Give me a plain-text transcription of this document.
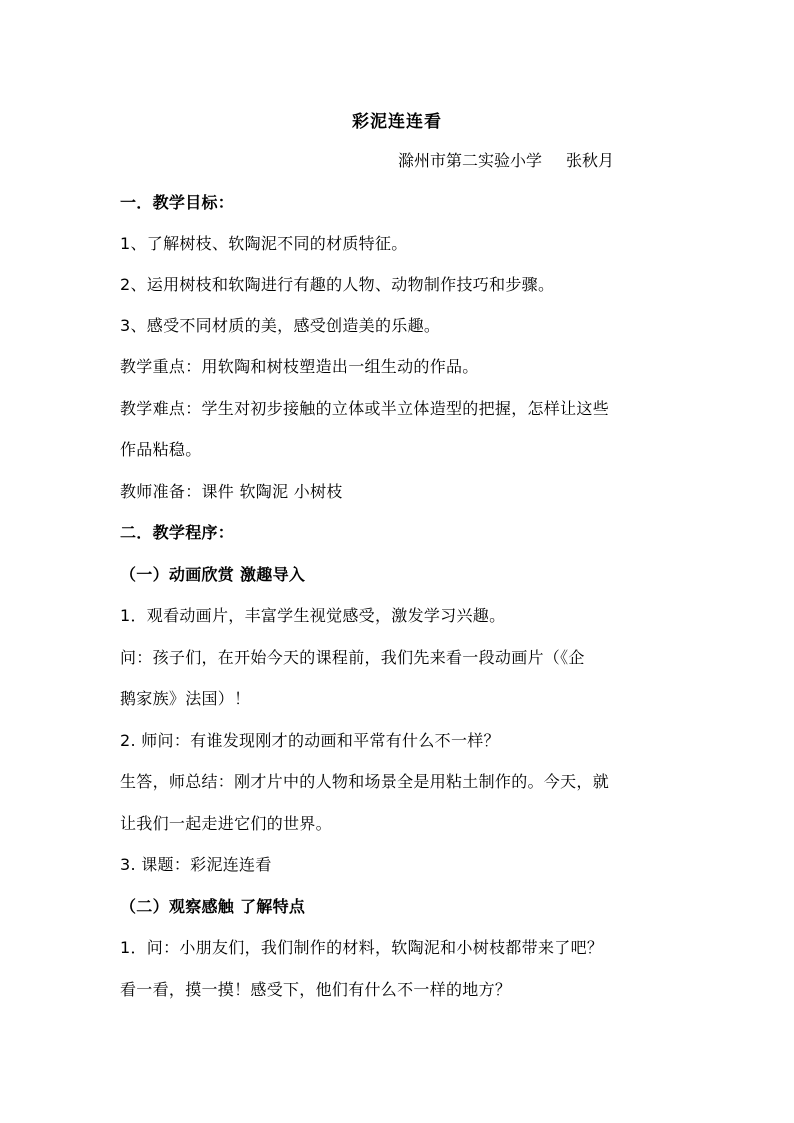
彩泥连连看
滁州市第二实验小学 张秋月
一．教学目标：
1、了解树枝、软陶泥不同的材质特征。
2、运用树枝和软陶进行有趣的人物、动物制作技巧和步骤。
3、感受不同材质的美，感受创造美的乐趣。
教学重点：用软陶和树枝塑造出一组生动的作品。
教学难点：学生对初步接触的立体或半立体造型的把握，怎样让这些
作品粘稳。
教师准备：课件 软陶泥 小树枝
二．教学程序：
（一）动画欣赏 激趣导入
1．观看动画片，丰富学生视觉感受，激发学习兴趣。
问：孩子们，在开始今天的课程前，我们先来看一段动画片（《企
鹅家族》法国）！
2. 师问：有谁发现刚才的动画和平常有什么不一样？
生答，师总结：刚才片中的人物和场景全是用粘土制作的。今天，就
让我们一起走进它们的世界。
3. 课题：彩泥连连看
（二）观察感触 了解特点
1．问：小朋友们，我们制作的材料，软陶泥和小树枝都带来了吧？
看一看，摸一摸！感受下，他们有什么不一样的地方？
